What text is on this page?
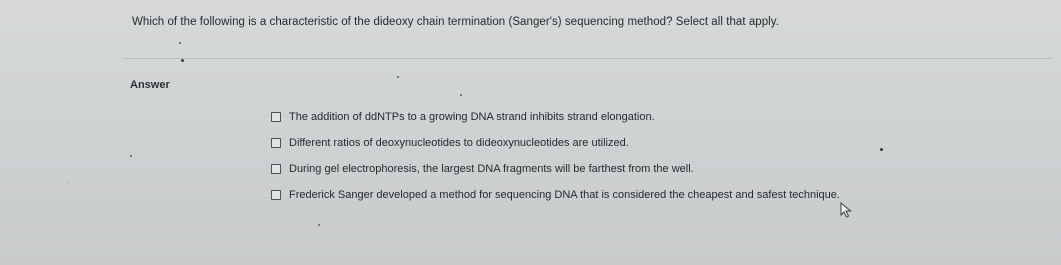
Which of the following is a characteristic of the dideoxy chain termination (Sanger's) sequencing method? Select all that apply.
Answer
The addition of ddNTPs to a growing DNA strand inhibits strand elongation.
Different ratios of deoxynucleotides to dideoxynucleotides are utilized.
During gel electrophoresis, the largest DNA fragments will be farthest from the well.
Frederick Sanger developed a method for sequencing DNA that is considered the cheapest and safest technique.
